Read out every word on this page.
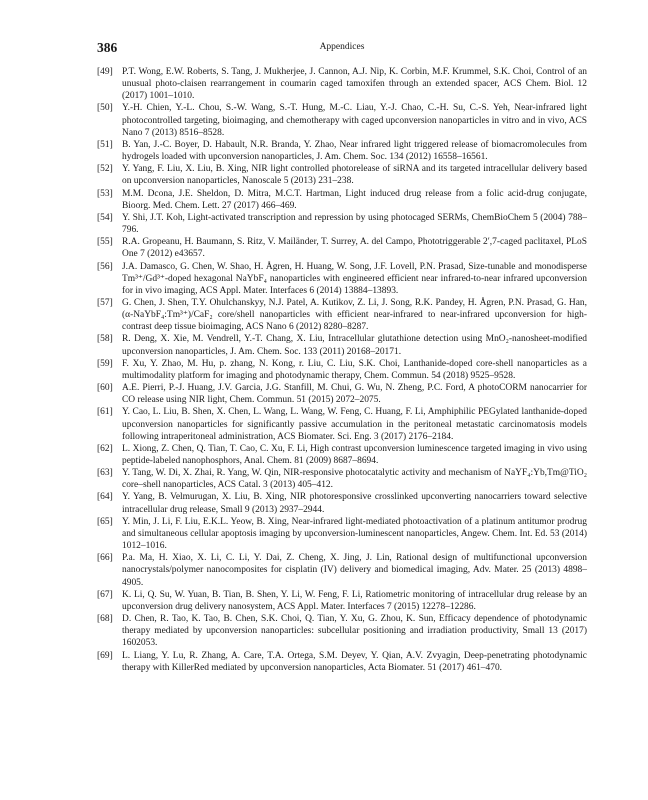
386	Appendices
[49] P.T. Wong, E.W. Roberts, S. Tang, J. Mukherjee, J. Cannon, A.J. Nip, K. Corbin, M.F. Krummel, S.K. Choi, Control of an unusual photo-claisen rearrangement in coumarin caged tamoxifen through an extended spacer, ACS Chem. Biol. 12 (2017) 1001–1010.
[50] Y.-H. Chien, Y.-L. Chou, S.-W. Wang, S.-T. Hung, M.-C. Liau, Y.-J. Chao, C.-H. Su, C.-S. Yeh, Near-infrared light photocontrolled targeting, bioimaging, and chemotherapy with caged upconversion nanoparticles in vitro and in vivo, ACS Nano 7 (2013) 8516–8528.
[51] B. Yan, J.-C. Boyer, D. Habault, N.R. Branda, Y. Zhao, Near infrared light triggered release of biomacromolecules from hydrogels loaded with upconversion nanoparticles, J. Am. Chem. Soc. 134 (2012) 16558–16561.
[52] Y. Yang, F. Liu, X. Liu, B. Xing, NIR light controlled photorelease of siRNA and its targeted intracellular delivery based on upconversion nanoparticles, Nanoscale 5 (2013) 231–238.
[53] M.M. Dcona, J.E. Sheldon, D. Mitra, M.C.T. Hartman, Light induced drug release from a folic acid-drug conjugate, Bioorg. Med. Chem. Lett. 27 (2017) 466–469.
[54] Y. Shi, J.T. Koh, Light-activated transcription and repression by using photocaged SERMs, ChemBioChem 5 (2004) 788–796.
[55] R.A. Gropeanu, H. Baumann, S. Ritz, V. Mailänder, T. Surrey, A. del Campo, Phototriggerable 2′,7-caged paclitaxel, PLoS One 7 (2012) e43657.
[56] J.A. Damasco, G. Chen, W. Shao, H. Ågren, H. Huang, W. Song, J.F. Lovell, P.N. Prasad, Size-tunable and monodisperse Tm³⁺/Gd³⁺-doped hexagonal NaYbF₄ nanoparticles with engineered efficient near infrared-to-near infrared upconversion for in vivo imaging, ACS Appl. Mater. Interfaces 6 (2014) 13884–13893.
[57] G. Chen, J. Shen, T.Y. Ohulchanskyy, N.J. Patel, A. Kutikov, Z. Li, J. Song, R.K. Pandey, H. Ågren, P.N. Prasad, G. Han, (α-NaYbF₄:Tm³⁺)/CaF₂ core/shell nanoparticles with efficient near-infrared to near-infrared upconversion for high-contrast deep tissue bioimaging, ACS Nano 6 (2012) 8280–8287.
[58] R. Deng, X. Xie, M. Vendrell, Y.-T. Chang, X. Liu, Intracellular glutathione detection using MnO₂-nanosheet-modified upconversion nanoparticles, J. Am. Chem. Soc. 133 (2011) 20168–20171.
[59] F. Xu, Y. Zhao, M. Hu, p. zhang, N. Kong, r. Liu, C. Liu, S.K. Choi, Lanthanide-doped core-shell nanoparticles as a multimodality platform for imaging and photodynamic therapy, Chem. Commun. 54 (2018) 9525–9528.
[60] A.E. Pierri, P.-J. Huang, J.V. Garcia, J.G. Stanfill, M. Chui, G. Wu, N. Zheng, P.C. Ford, A photoCORM nanocarrier for CO release using NIR light, Chem. Commun. 51 (2015) 2072–2075.
[61] Y. Cao, L. Liu, B. Shen, X. Chen, L. Wang, L. Wang, W. Feng, C. Huang, F. Li, Amphiphilic PEGylated lanthanide-doped upconversion nanoparticles for significantly passive accumulation in the peritoneal metastatic carcinomatosis models following intraperitoneal administration, ACS Biomater. Sci. Eng. 3 (2017) 2176–2184.
[62] L. Xiong, Z. Chen, Q. Tian, T. Cao, C. Xu, F. Li, High contrast upconversion luminescence targeted imaging in vivo using peptide-labeled nanophosphors, Anal. Chem. 81 (2009) 8687–8694.
[63] Y. Tang, W. Di, X. Zhai, R. Yang, W. Qin, NIR-responsive photocatalytic activity and mechanism of NaYF₄:Yb,Tm@TiO₂ core–shell nanoparticles, ACS Catal. 3 (2013) 405–412.
[64] Y. Yang, B. Velmurugan, X. Liu, B. Xing, NIR photoresponsive crosslinked upconverting nanocarriers toward selective intracellular drug release, Small 9 (2013) 2937–2944.
[65] Y. Min, J. Li, F. Liu, E.K.L. Yeow, B. Xing, Near-infrared light-mediated photoactivation of a platinum antitumor prodrug and simultaneous cellular apoptosis imaging by upconversion-luminescent nanoparticles, Angew. Chem. Int. Ed. 53 (2014) 1012–1016.
[66] P.a. Ma, H. Xiao, X. Li, C. Li, Y. Dai, Z. Cheng, X. Jing, J. Lin, Rational design of multifunctional upconversion nanocrystals/polymer nanocomposites for cisplatin (IV) delivery and biomedical imaging, Adv. Mater. 25 (2013) 4898–4905.
[67] K. Li, Q. Su, W. Yuan, B. Tian, B. Shen, Y. Li, W. Feng, F. Li, Ratiometric monitoring of intracellular drug release by an upconversion drug delivery nanosystem, ACS Appl. Mater. Interfaces 7 (2015) 12278–12286.
[68] D. Chen, R. Tao, K. Tao, B. Chen, S.K. Choi, Q. Tian, Y. Xu, G. Zhou, K. Sun, Efficacy dependence of photodynamic therapy mediated by upconversion nanoparticles: subcellular positioning and irradiation productivity, Small 13 (2017) 1602053.
[69] L. Liang, Y. Lu, R. Zhang, A. Care, T.A. Ortega, S.M. Deyev, Y. Qian, A.V. Zvyagin, Deep-penetrating photodynamic therapy with KillerRed mediated by upconversion nanoparticles, Acta Biomater. 51 (2017) 461–470.
